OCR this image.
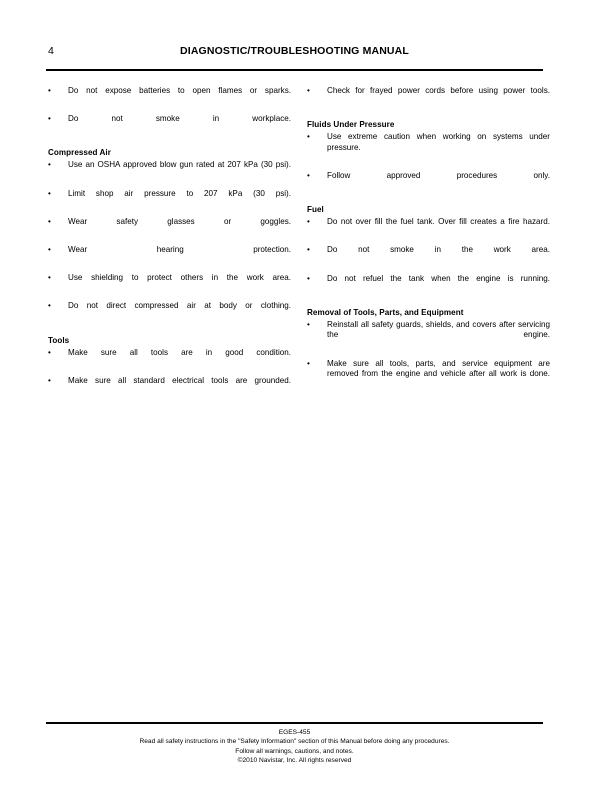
4	DIAGNOSTIC/TROUBLESHOOTING MANUAL
•	Do not expose batteries to open flames or sparks.
•	Do not smoke in workplace.
Compressed Air
•	Use an OSHA approved blow gun rated at 207 kPa (30 psi).
•	Limit shop air pressure to 207 kPa (30 psi).
•	Wear safety glasses or goggles.
•	Wear hearing protection.
•	Use shielding to protect others in the work area.
•	Do not direct compressed air at body or clothing.
Tools
•	Make sure all tools are in good condition.
•	Make sure all standard electrical tools are grounded.
•	Check for frayed power cords before using power tools.
Fluids Under Pressure
•	Use extreme caution when working on systems under pressure.
•	Follow approved procedures only.
Fuel
•	Do not over fill the fuel tank. Over fill creates a fire hazard.
•	Do not smoke in the work area.
•	Do not refuel the tank when the engine is running.
Removal of Tools, Parts, and Equipment
•	Reinstall all safety guards, shields, and covers after servicing the engine.
•	Make sure all tools, parts, and service equipment are removed from the engine and vehicle after all work is done.
EGES-455
Read all safety instructions in the "Safety Information" section of this Manual before doing any procedures.
Follow all warnings, cautions, and notes.
©2010 Navistar, Inc. All rights reserved
